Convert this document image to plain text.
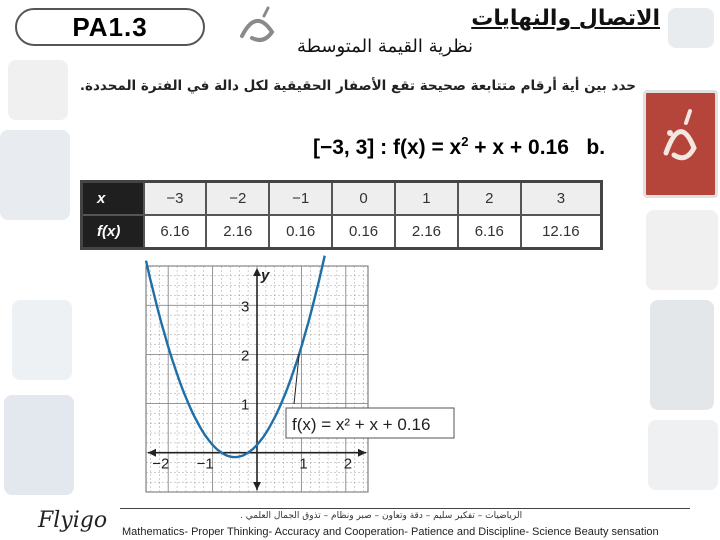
PA1.3	الاتصال والنهايات
نظرية القيمة المتوسطة
حدد بين أية أرقام متتابعة صحيحة تقع الأصفار الحقيقية لكل دالة في الفترة المحددة.
[−3, 3] : $f(x) = x^2 + x + 0.16$ b.
x	−3	−2	−1	0	1	2	3
f(x)	6.16	2.16	0.16	0.16	2.16	6.16	12.16
−2 −1	1 2
3
2
1
y
f(x) = x² + x + 0.16
الرياضيات – تفكير سليم – دقة وتعاون – صبر ونظام – تذوق الجمال العلمي .
Mathematics- Proper Thinking- Accuracy and Cooperation- Patience and Discipline- Science Beauty sensation
Flyigo
